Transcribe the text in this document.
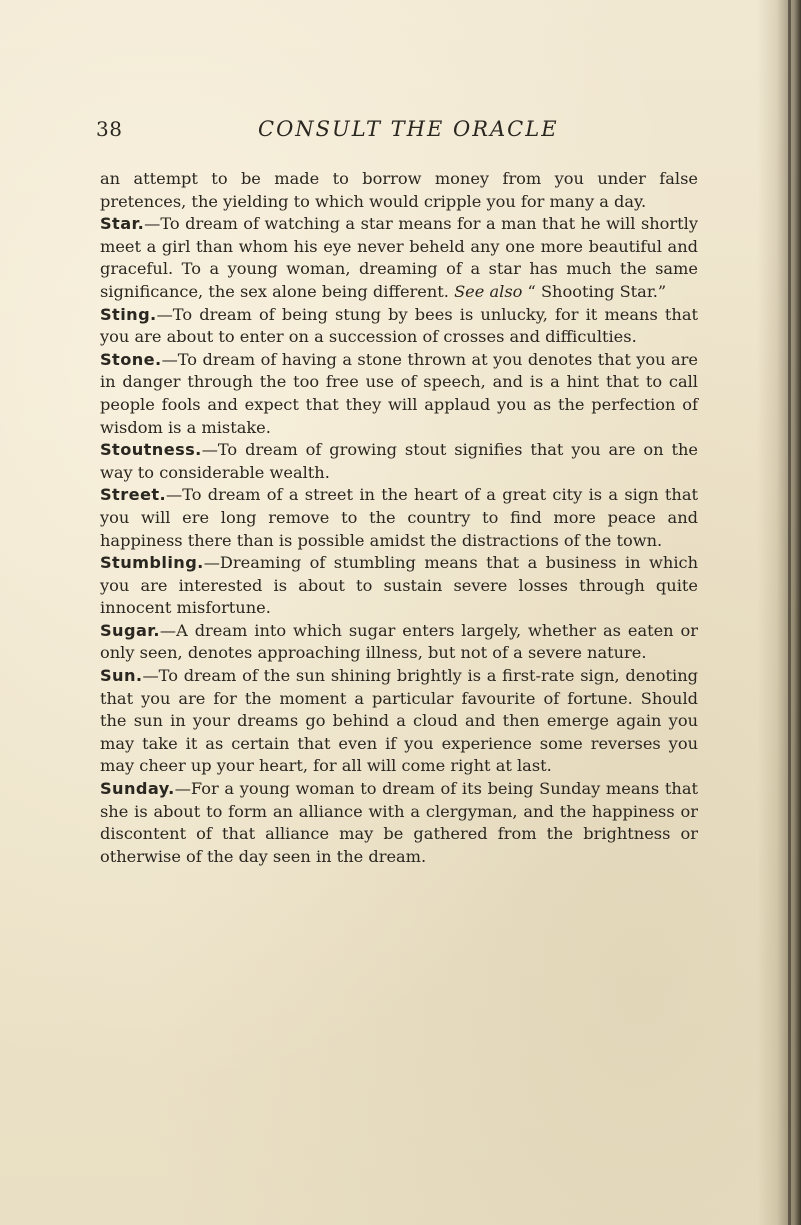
38	CONSULT THE ORACLE

an attempt to be made to borrow money from you under false pretences, the yielding to which would cripple you for many a day.

Star.—To dream of watching a star means for a man that he will shortly meet a girl than whom his eye never beheld any one more beautiful and graceful. To a young woman, dreaming of a star has much the same significance, the sex alone being different. See also “ Shooting Star.”

Sting.—To dream of being stung by bees is unlucky, for it means that you are about to enter on a succession of crosses and difficulties.

Stone.—To dream of having a stone thrown at you denotes that you are in danger through the too free use of speech, and is a hint that to call people fools and expect that they will applaud you as the perfection of wisdom is a mistake.

Stoutness.—To dream of growing stout signifies that you are on the way to considerable wealth.

Street.—To dream of a street in the heart of a great city is a sign that you will ere long remove to the country to find more peace and happiness there than is possible amidst the distractions of the town.

Stumbling.—Dreaming of stumbling means that a business in which you are interested is about to sustain severe losses through quite innocent misfortune.

Sugar.—A dream into which sugar enters largely, whether as eaten or only seen, denotes approaching illness, but not of a severe nature.

Sun.—To dream of the sun shining brightly is a first-rate sign, denoting that you are for the moment a particular favourite of fortune. Should the sun in your dreams go behind a cloud and then emerge again you may take it as certain that even if you experience some reverses you may cheer up your heart, for all will come right at last.

Sunday.—For a young woman to dream of its being Sunday means that she is about to form an alliance with a clergyman, and the happiness or discontent of that alliance may be gathered from the brightness or otherwise of the day seen in the dream.
